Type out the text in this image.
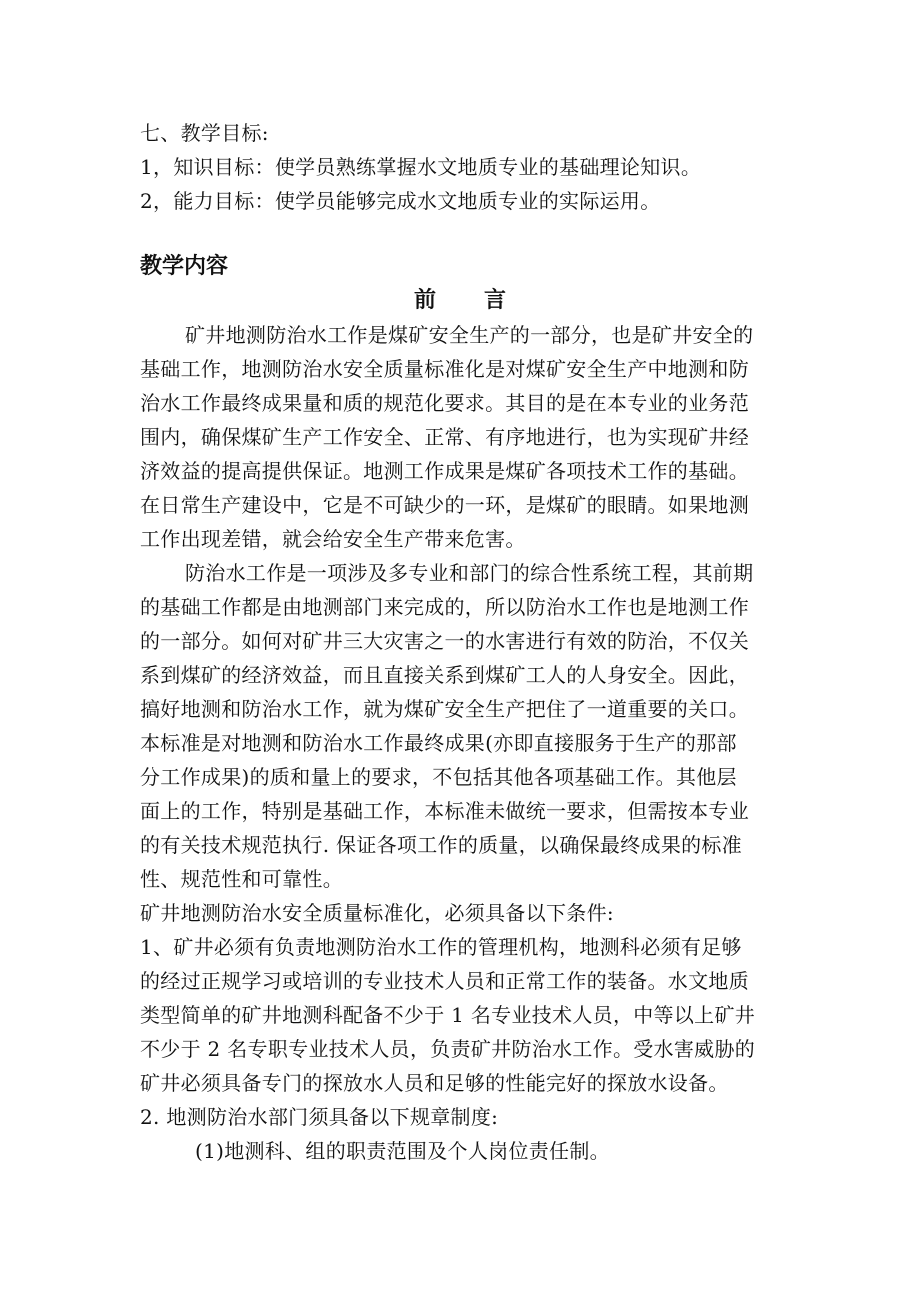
七、教学目标:
1，知识目标：使学员熟练掌握水文地质专业的基础理论知识。
2，能力目标：使学员能够完成水文地质专业的实际运用。
教学内容
前言
矿井地测防治水工作是煤矿安全生产的一部分，也是矿井安全的
基础工作，地测防治水安全质量标准化是对煤矿安全生产中地测和防
治水工作最终成果量和质的规范化要求。其目的是在本专业的业务范
围内，确保煤矿生产工作安全、正常、有序地进行，也为实现矿井经
济效益的提高提供保证。地测工作成果是煤矿各项技术工作的基础。
在日常生产建设中，它是不可缺少的一环，是煤矿的眼睛。如果地测
工作出现差错，就会给安全生产带来危害。
防治水工作是一项涉及多专业和部门的综合性系统工程，其前期
的基础工作都是由地测部门来完成的，所以防治水工作也是地测工作
的一部分。如何对矿井三大灾害之一的水害进行有效的防治，不仅关
系到煤矿的经济效益，而且直接关系到煤矿工人的人身安全。因此，
搞好地测和防治水工作，就为煤矿安全生产把住了一道重要的关口。
本标准是对地测和防治水工作最终成果(亦即直接服务于生产的那部
分工作成果)的质和量上的要求，不包括其他各项基础工作。其他层
面上的工作，特别是基础工作，本标准未做统一要求，但需按本专业
的有关技术规范执行. 保证各项工作的质量，以确保最终成果的标准
性、规范性和可靠性。
矿井地测防治水安全质量标准化，必须具备以下条件:
1、矿井必须有负责地测防治水工作的管理机构，地测科必须有足够
的经过正规学习或培训的专业技术人员和正常工作的装备。水文地质
类型简单的矿井地测科配备不少于 1 名专业技术人员，中等以上矿井
不少于 2 名专职专业技术人员，负责矿井防治水工作。受水害威胁的
矿井必须具备专门的探放水人员和足够的性能完好的探放水设备。
2. 地测防治水部门须具备以下规章制度:
(1)地测科、组的职责范围及个人岗位责任制。
